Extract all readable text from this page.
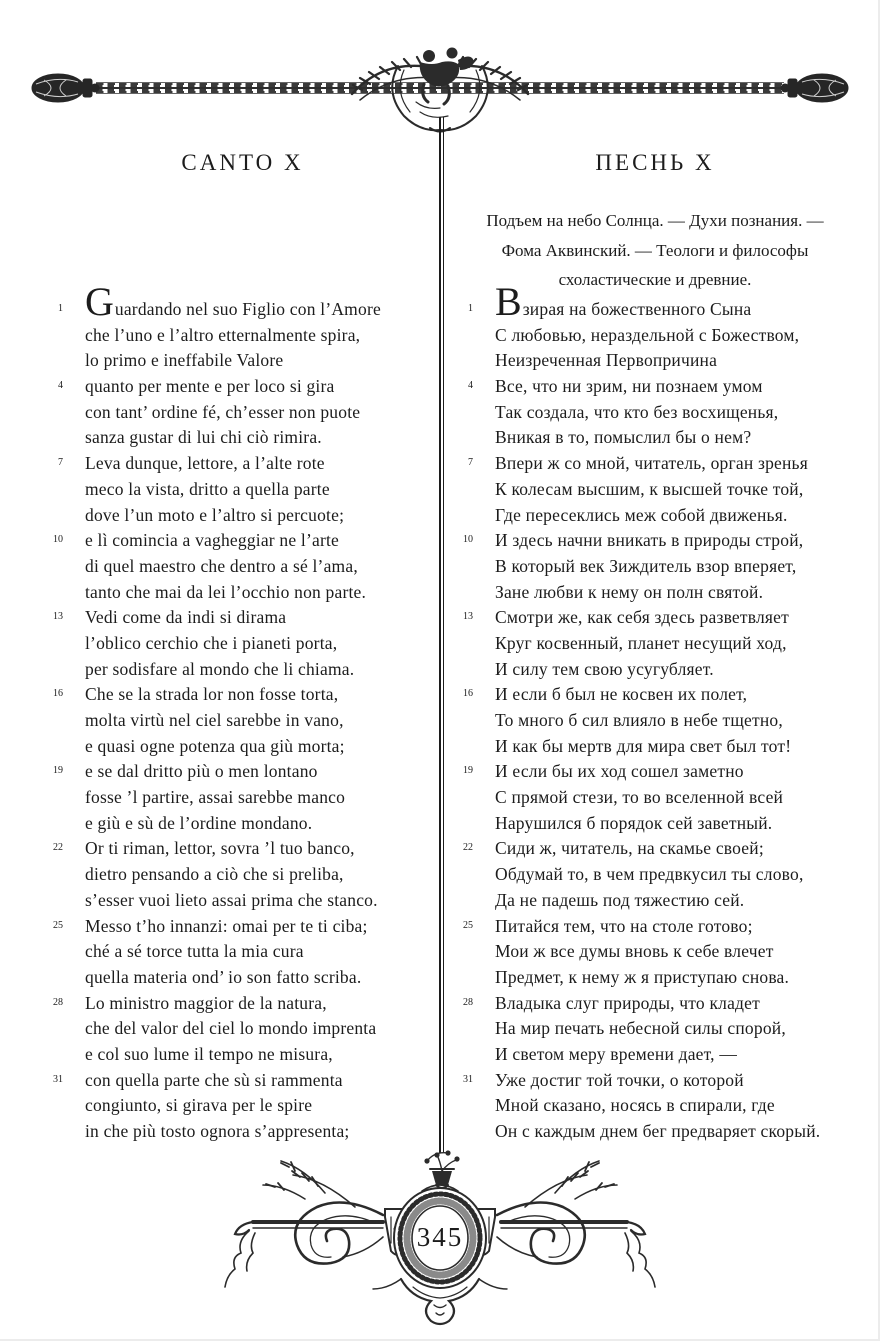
CANTO X	ПЕСНЬ X
Подъем на небо Солнца. — Духи познания. —
Фома Аквинский. — Теологи и философы
схоластические и древние.
1 Guardando nel suo Figlio con l’Amore
che l’uno e l’altro etternalmente spira,
lo primo e ineffabile Valore
4	quanto per mente e per loco si gira
con tant’ ordine fé, ch’esser non puote
sanza gustar di lui chi ciò rimira.
7	Leva dunque, lettore, a l’alte rote
meco la vista, dritto a quella parte
dove l’un moto e l’altro si percuote;
10	e lì comincia a vagheggiar ne l’arte
di quel maestro che dentro a sé l’ama,
tanto che mai da lei l’occhio non parte.
13	Vedi come da indi si dirama
l’oblico cerchio che i pianeti porta,
per sodisfare al mondo che li chiama.
16	Che se la strada lor non fosse torta,
molta virtù nel ciel sarebbe in vano,
e quasi ogne potenza qua giù morta;
19	e se dal dritto più o men lontano
fosse ’l partire, assai sarebbe manco
e giù e sù de l’ordine mondano.
22	Or ti riman, lettor, sovra ’l tuo banco,
dietro pensando a ciò che si preliba,
s’esser vuoi lieto assai prima che stanco.
25	Messo t’ho innanzi: omai per te ti ciba;
ché a sé torce tutta la mia cura
quella materia ond’ io son fatto scriba.
28	Lo ministro maggior de la natura,
che del valor del ciel lo mondo imprenta
e col suo lume il tempo ne misura,
31	con quella parte che sù si rammenta
congiunto, si girava per le spire
in che più tosto ognora s’appresenta;
1 Взирая на божественного Сына
С любовью, нераздельной с Божеством,
Неизреченная Первопричина
4	Все, что ни зрим, ни познаем умом
Так создала, что кто без восхищенья,
Вникая в то, помыслил бы о нем?
7	Впери ж со мной, читатель, орган зренья
К колесам высшим, к высшей точке той,
Где пересеклись меж собой движенья.
10	И здесь начни вникать в природы строй,
В который век Зиждитель взор вперяет,
Зане любви к нему он полн святой.
13	Смотри же, как себя здесь разветвляет
Круг косвенный, планет несущий ход,
И силу тем свою усугубляет.
16	И если б был не косвен их полет,
То много б сил влияло в небе тщетно,
И как бы мертв для мира свет был тот!
19	И если бы их ход сошел заметно
С прямой стези, то во вселенной всей
Нарушился б порядок сей заветный.
22	Сиди ж, читатель, на скамье своей;
Обдумай то, в чем предвкусил ты слово,
Да не падешь под тяжестию сей.
25	Питайся тем, что на столе готово;
Мои ж все думы вновь к себе влечет
Предмет, к нему ж я приступаю снова.
28	Владыка слуг природы, что кладет
На мир печать небесной силы спорой,
И светом меру времени дает, —
31	Уже достиг той точки, о которой
Мной сказано, носясь в спирали, где
Он с каждым днем бег предваряет скорый.
345
